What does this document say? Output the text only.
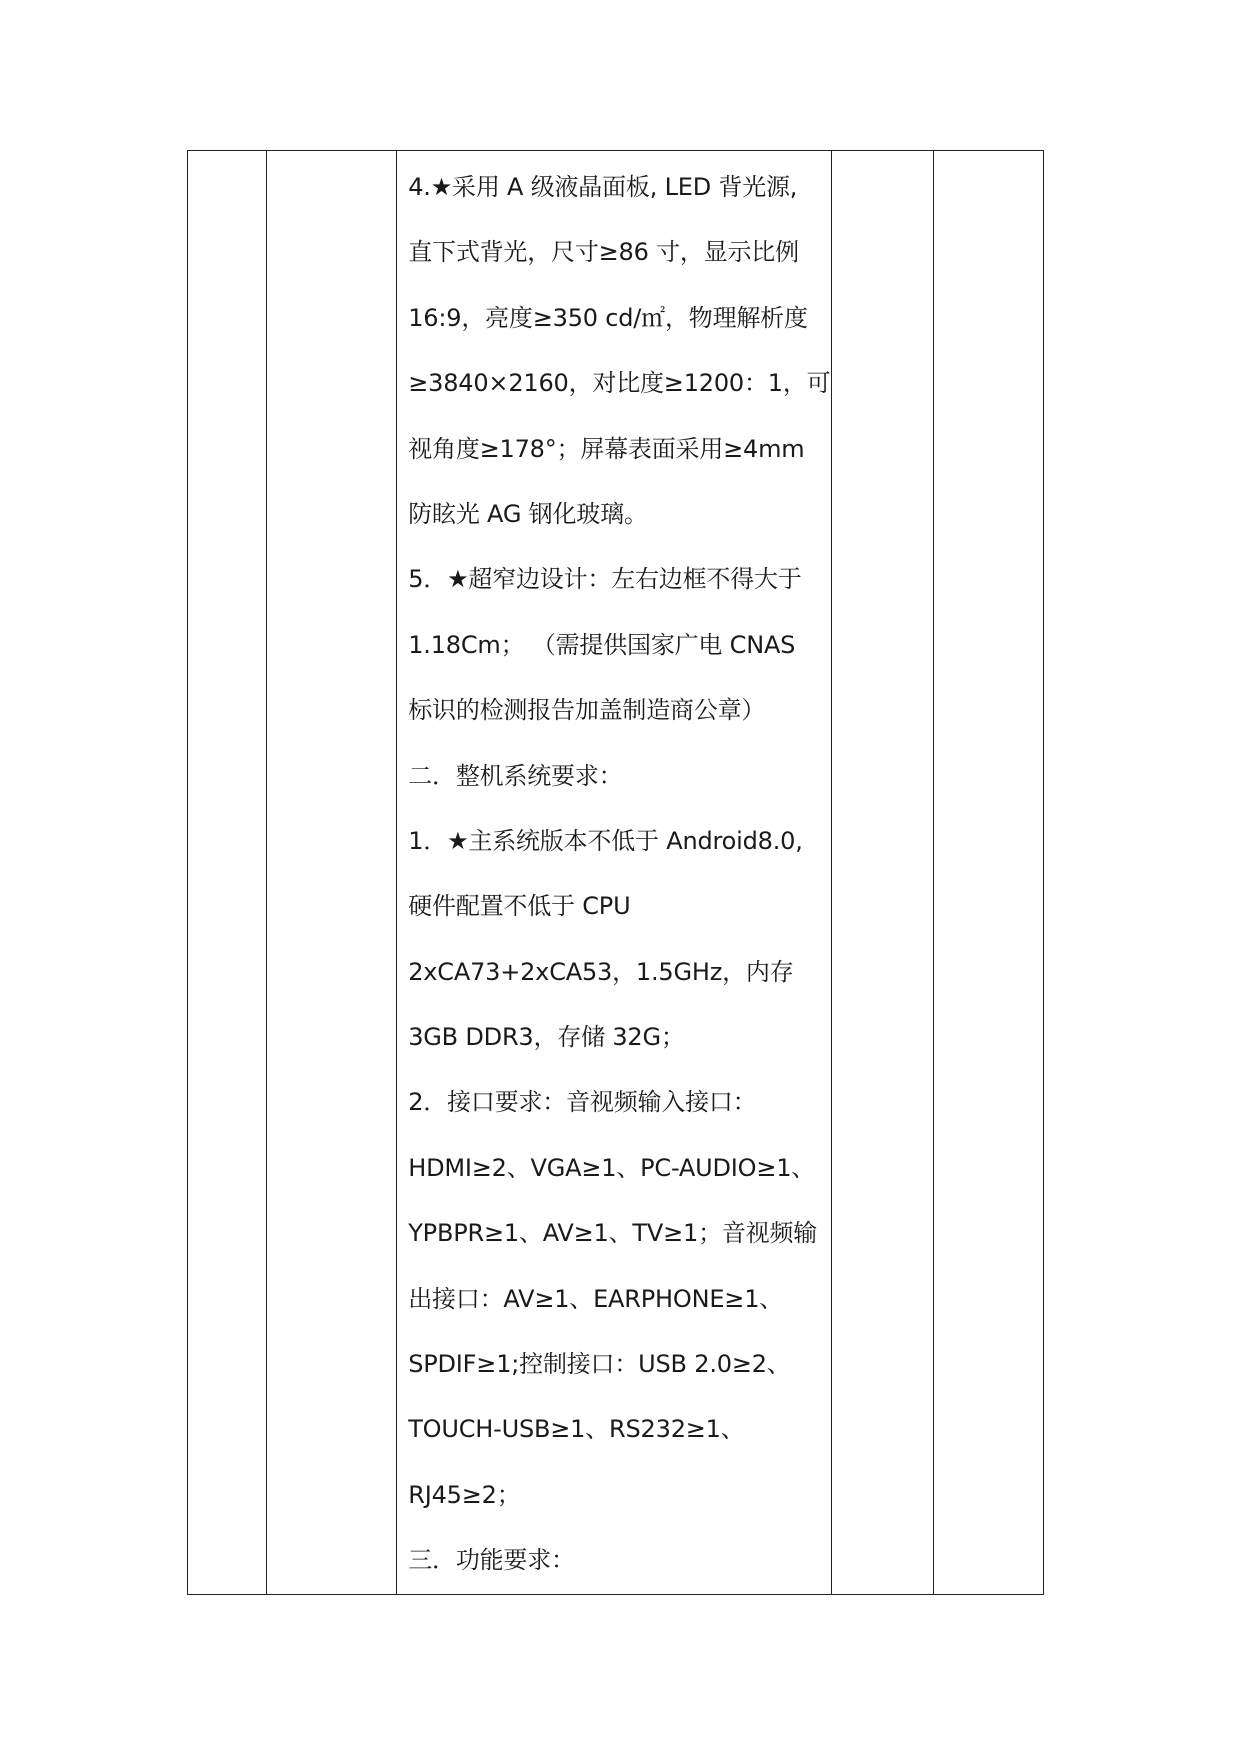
4.★采用 A 级液晶面板, LED 背光源,
直下式背光，尺寸≥86 寸，显示比例
16:9，亮度≥350 cd/㎡，物理解析度
≥3840×2160，对比度≥1200：1，可
视角度≥178°；屏幕表面采用≥4mm
防眩光 AG 钢化玻璃。
5．★超窄边设计：左右边框不得大于
1.18Cm； （需提供国家广电 CNAS
标识的检测报告加盖制造商公章）
二．整机系统要求：
1．★主系统版本不低于 Android8.0,
硬件配置不低于 CPU
2xCA73+2xCA53，1.5GHz，内存
3GB DDR3，存储 32G；
2．接口要求：音视频输入接口：
HDMI≥2、VGA≥1、PC-AUDIO≥1、
YPBPR≥1、AV≥1、TV≥1；音视频输
出接口：AV≥1、EARPHONE≥1、
SPDIF≥1;控制接口：USB 2.0≥2、
TOUCH-USB≥1、RS232≥1、
RJ45≥2；
三．功能要求：
